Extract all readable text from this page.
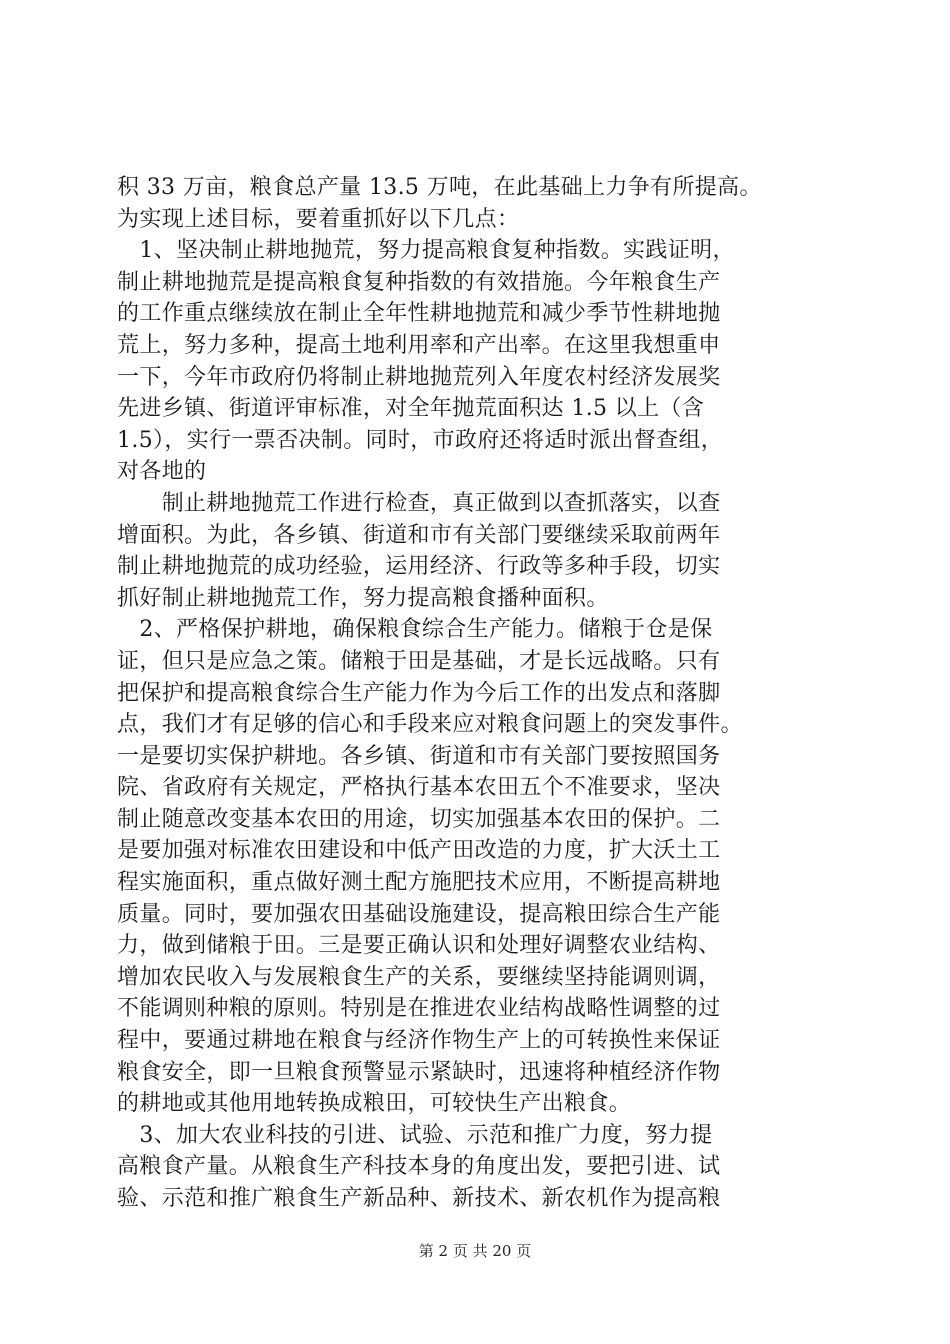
积 33 万亩，粮食总产量 13.5 万吨，在此基础上力争有所提高。
为实现上述目标，要着重抓好以下几点：
　1、坚决制止耕地抛荒，努力提高粮食复种指数。实践证明，
制止耕地抛荒是提高粮食复种指数的有效措施。今年粮食生产
的工作重点继续放在制止全年性耕地抛荒和减少季节性耕地抛
荒上，努力多种，提高土地利用率和产出率。在这里我想重申
一下，今年市政府仍将制止耕地抛荒列入年度农村经济发展奖
先进乡镇、街道评审标准，对全年抛荒面积达 1.5 以上（含
1.5），实行一票否决制。同时，市政府还将适时派出督查组，
对各地的
　　制止耕地抛荒工作进行检查，真正做到以查抓落实，以查
增面积。为此，各乡镇、街道和市有关部门要继续采取前两年
制止耕地抛荒的成功经验，运用经济、行政等多种手段，切实
抓好制止耕地抛荒工作，努力提高粮食播种面积。
　2、严格保护耕地，确保粮食综合生产能力。储粮于仓是保
证，但只是应急之策。储粮于田是基础，才是长远战略。只有
把保护和提高粮食综合生产能力作为今后工作的出发点和落脚
点，我们才有足够的信心和手段来应对粮食问题上的突发事件。
一是要切实保护耕地。各乡镇、街道和市有关部门要按照国务
院、省政府有关规定，严格执行基本农田五个不准要求，坚决
制止随意改变基本农田的用途，切实加强基本农田的保护。二
是要加强对标准农田建设和中低产田改造的力度，扩大沃土工
程实施面积，重点做好测土配方施肥技术应用，不断提高耕地
质量。同时，要加强农田基础设施建设，提高粮田综合生产能
力，做到储粮于田。三是要正确认识和处理好调整农业结构、
增加农民收入与发展粮食生产的关系，要继续坚持能调则调，
不能调则种粮的原则。特别是在推进农业结构战略性调整的过
程中，要通过耕地在粮食与经济作物生产上的可转换性来保证
粮食安全，即一旦粮食预警显示紧缺时，迅速将种植经济作物
的耕地或其他用地转换成粮田，可较快生产出粮食。
　3、加大农业科技的引进、试验、示范和推广力度，努力提
高粮食产量。从粮食生产科技本身的角度出发，要把引进、试
验、示范和推广粮食生产新品种、新技术、新农机作为提高粮
第 2 页 共 20 页
